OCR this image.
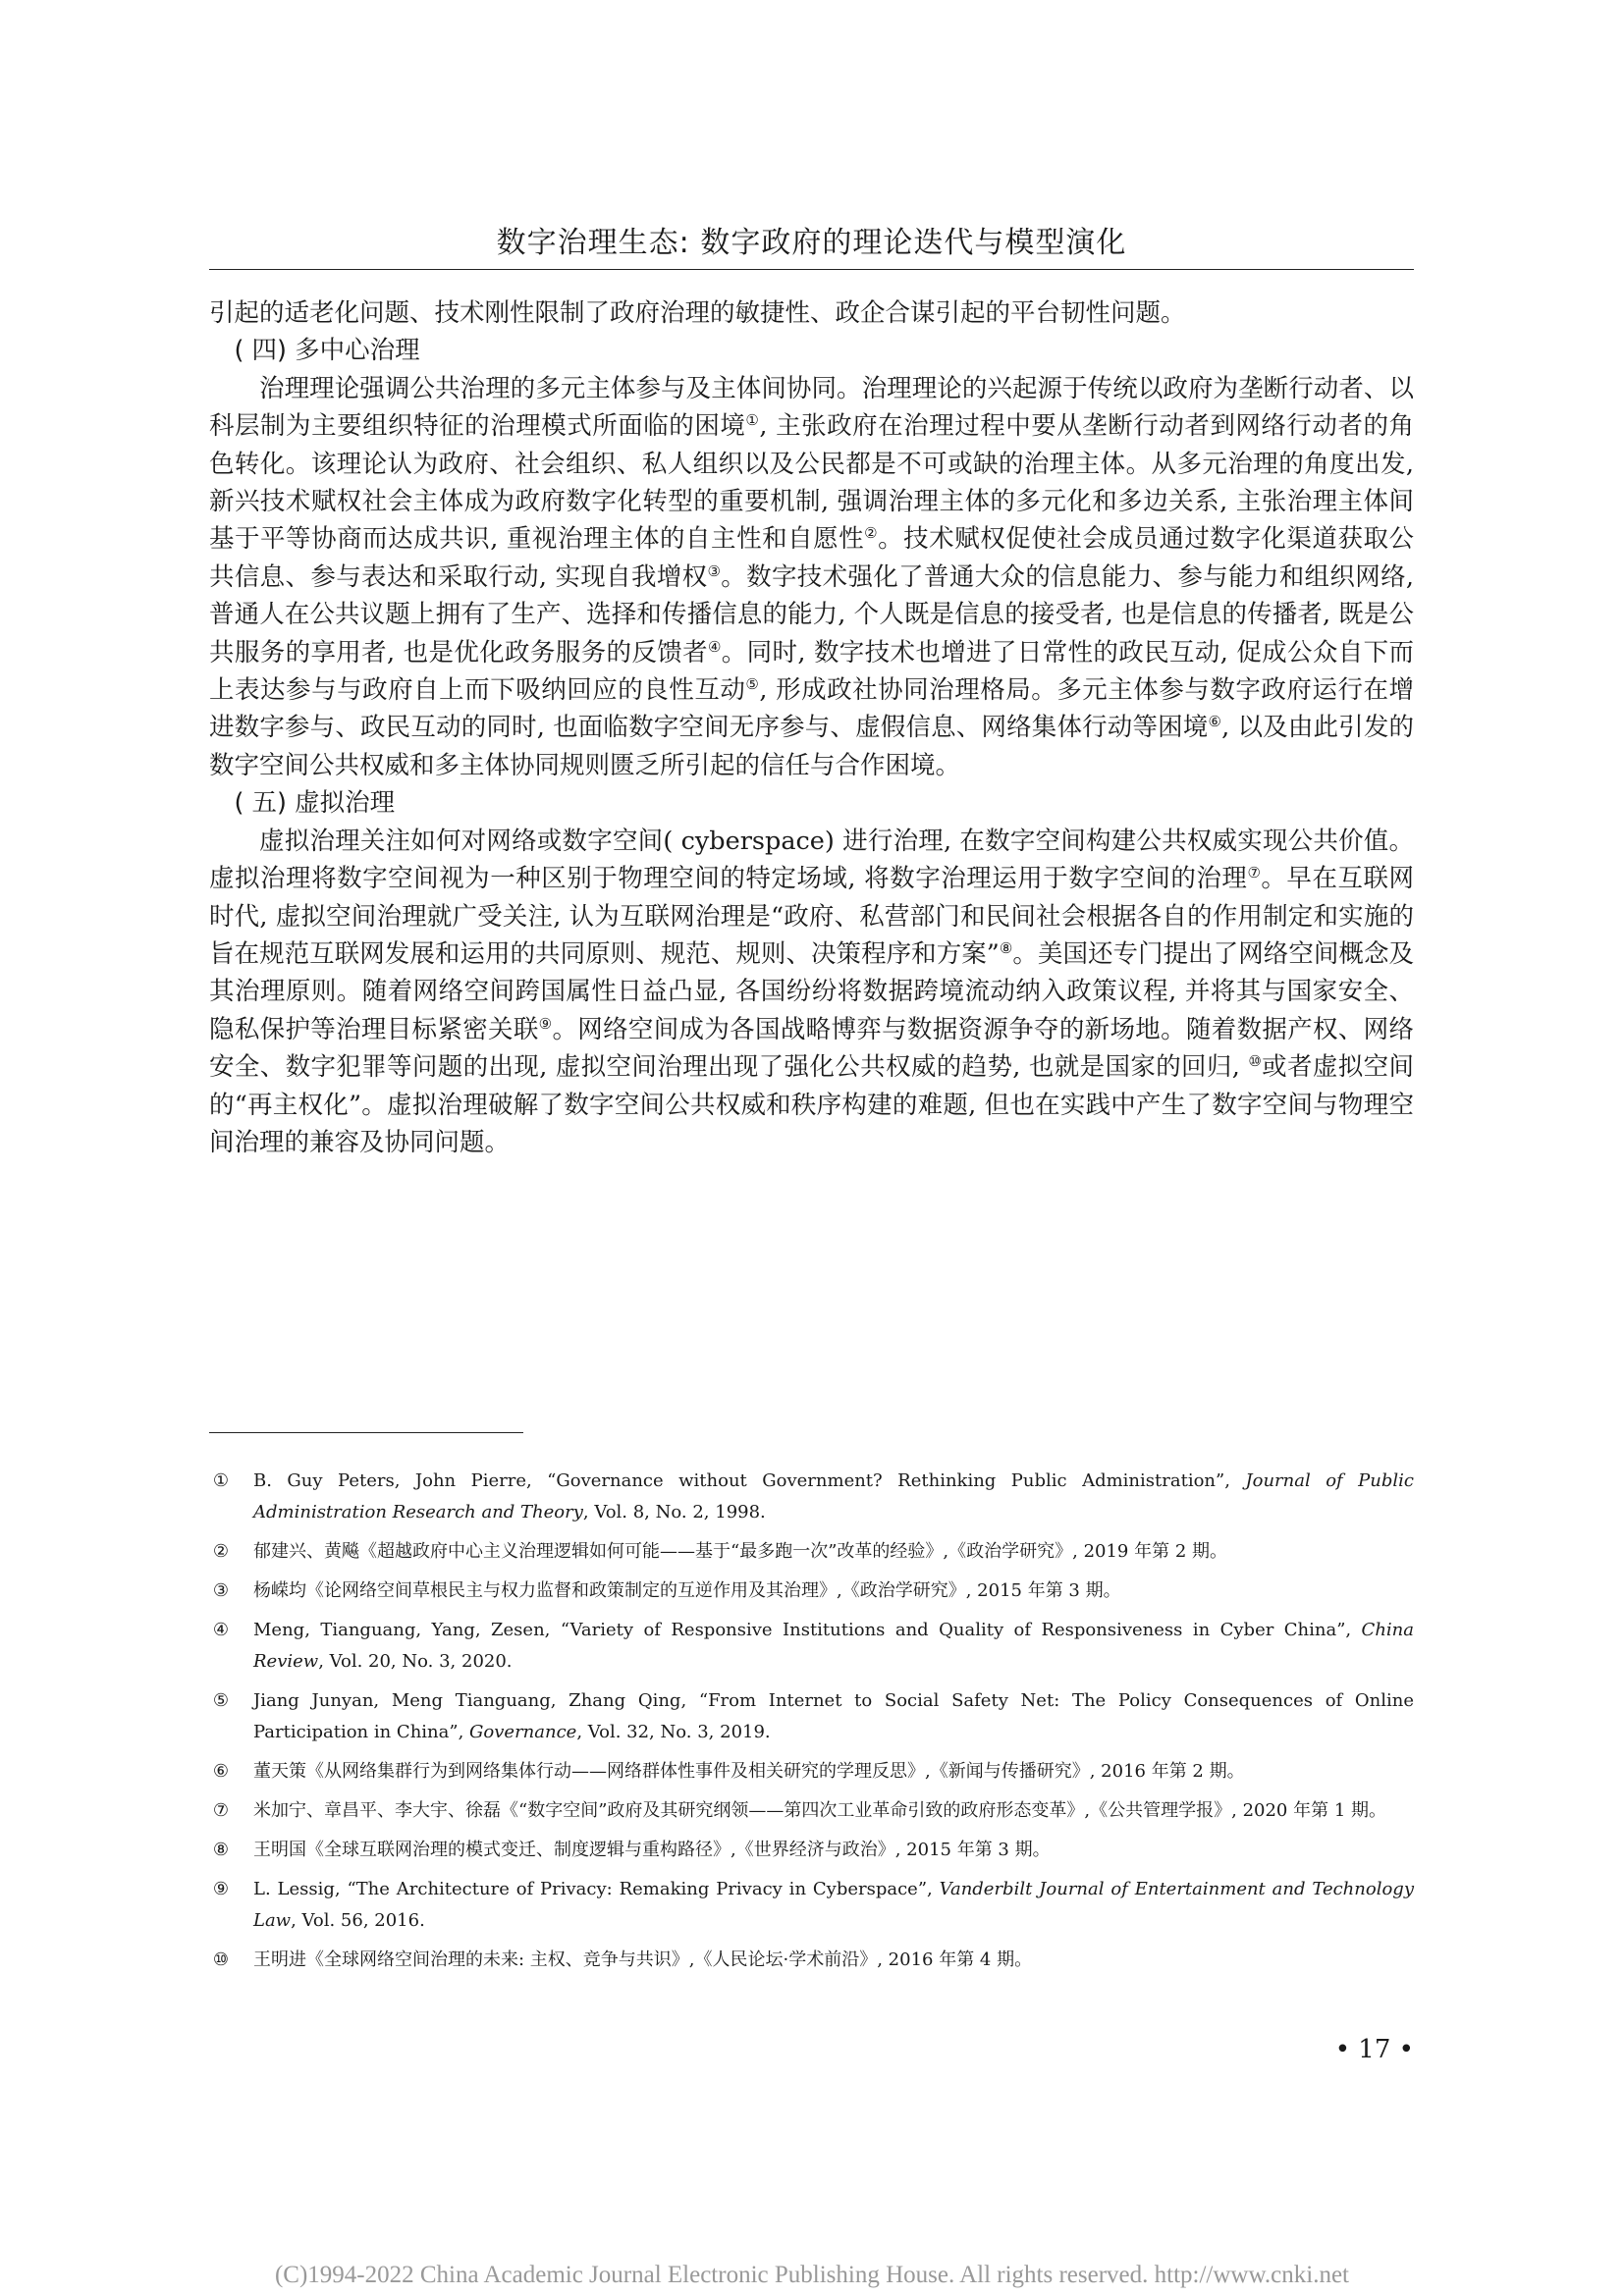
数字治理生态: 数字政府的理论迭代与模型演化

引起的适老化问题、技术刚性限制了政府治理的敏捷性、政企合谋引起的平台韧性问题。

( 四) 多中心治理

治理理论强调公共治理的多元主体参与及主体间协同。治理理论的兴起源于传统以政府为垄断行动者、以科层制为主要组织特征的治理模式所面临的困境①, 主张政府在治理过程中要从垄断行动者到网络行动者的角色转化。该理论认为政府、社会组织、私人组织以及公民都是不可或缺的治理主体。从多元治理的角度出发, 新兴技术赋权社会主体成为政府数字化转型的重要机制, 强调治理主体的多元化和多边关系, 主张治理主体间基于平等协商而达成共识, 重视治理主体的自主性和自愿性②。技术赋权促使社会成员通过数字化渠道获取公共信息、参与表达和采取行动, 实现自我增权③。数字技术强化了普通大众的信息能力、参与能力和组织网络, 普通人在公共议题上拥有了生产、选择和传播信息的能力, 个人既是信息的接受者, 也是信息的传播者, 既是公共服务的享用者, 也是优化政务服务的反馈者④。同时, 数字技术也增进了日常性的政民互动, 促成公众自下而上表达参与与政府自上而下吸纳回应的良性互动⑤, 形成政社协同治理格局。多元主体参与数字政府运行在增进数字参与、政民互动的同时, 也面临数字空间无序参与、虚假信息、网络集体行动等困境⑥, 以及由此引发的数字空间公共权威和多主体协同规则匮乏所引起的信任与合作困境。

( 五) 虚拟治理

虚拟治理关注如何对网络或数字空间( cyberspace) 进行治理, 在数字空间构建公共权威实现公共价值。虚拟治理将数字空间视为一种区别于物理空间的特定场域, 将数字治理运用于数字空间的治理⑦。早在互联网时代, 虚拟空间治理就广受关注, 认为互联网治理是“政府、私营部门和民间社会根据各自的作用制定和实施的旨在规范互联网发展和运用的共同原则、规范、规则、决策程序和方案”⑧。美国还专门提出了网络空间概念及其治理原则。随着网络空间跨国属性日益凸显, 各国纷纷将数据跨境流动纳入政策议程, 并将其与国家安全、隐私保护等治理目标紧密关联⑨。网络空间成为各国战略博弈与数据资源争夺的新场地。随着数据产权、网络安全、数字犯罪等问题的出现, 虚拟空间治理出现了强化公共权威的趋势, 也就是国家的回归, ⑩或者虚拟空间的“再主权化”。虚拟治理破解了数字空间公共权威和秩序构建的难题, 但也在实践中产生了数字空间与物理空间治理的兼容及协同问题。

①	B. Guy Peters, John Pierre, “Governance without Government? Rethinking Public Administration”, Journal of Public Administration Research and Theory, Vol. 8, No. 2, 1998.
②	郁建兴、黄飚《超越政府中心主义治理逻辑如何可能——基于“最多跑一次”改革的经验》,《政治学研究》, 2019 年第 2 期。
③	杨嵘均《论网络空间草根民主与权力监督和政策制定的互逆作用及其治理》,《政治学研究》, 2015 年第 3 期。
④	Meng, Tianguang, Yang, Zesen, “Variety of Responsive Institutions and Quality of Responsiveness in Cyber China”, China Review, Vol. 20, No. 3, 2020.
⑤	Jiang Junyan, Meng Tianguang, Zhang Qing, “From Internet to Social Safety Net: The Policy Consequences of Online Participation in China”, Governance, Vol. 32, No. 3, 2019.
⑥	董天策《从网络集群行为到网络集体行动——网络群体性事件及相关研究的学理反思》,《新闻与传播研究》, 2016 年第 2 期。
⑦	米加宁、章昌平、李大宇、徐磊《“数字空间”政府及其研究纲领——第四次工业革命引致的政府形态变革》,《公共管理学报》, 2020 年第 1 期。
⑧	王明国《全球互联网治理的模式变迁、制度逻辑与重构路径》,《世界经济与政治》, 2015 年第 3 期。
⑨	L. Lessig, “The Architecture of Privacy: Remaking Privacy in Cyberspace”, Vanderbilt Journal of Entertainment and Technology Law, Vol. 56, 2016.
⑩	王明进《全球网络空间治理的未来: 主权、竞争与共识》,《人民论坛·学术前沿》, 2016 年第 4 期。
• 17 •
(C)1994-2022 China Academic Journal Electronic Publishing House. All rights reserved. http://www.cnki.net
